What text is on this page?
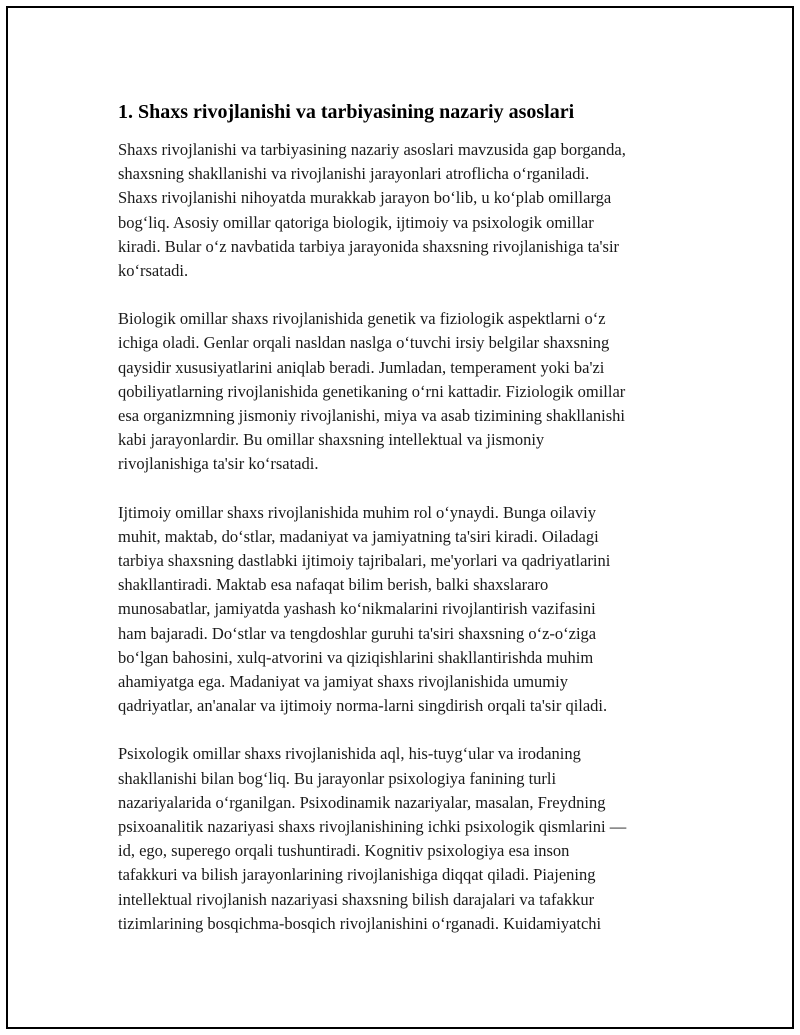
1. Shaxs rivojlanishi va tarbiyasining nazariy asoslari

Shaxs rivojlanishi va tarbiyasining nazariy asoslari mavzusida gap borganda,
shaxsning shakllanishi va rivojlanishi jarayonlari atroflicha oʻrganiladi.
Shaxs rivojlanishi nihoyatda murakkab jarayon boʻlib, u koʻplab omillarga
bogʻliq. Asosiy omillar qatoriga biologik, ijtimoiy va psixologik omillar
kiradi. Bular oʻz navbatida tarbiya jarayonida shaxsning rivojlanishiga ta'sir
koʻrsatadi.

Biologik omillar shaxs rivojlanishida genetik va fiziologik aspektlarni oʻz
ichiga oladi. Genlar orqali nasldan naslga oʻtuvchi irsiy belgilar shaxsning
qaysidir xususiyatlarini aniqlab beradi. Jumladan, temperament yoki ba'zi
qobiliyatlarning rivojlanishida genetikaning oʻrni kattadir. Fiziologik omillar
esa organizmning jismoniy rivojlanishi, miya va asab tizimining shakllanishi
kabi jarayonlardir. Bu omillar shaxsning intellektual va jismoniy
rivojlanishiga ta'sir koʻrsatadi.

Ijtimoiy omillar shaxs rivojlanishida muhim rol oʻynaydi. Bunga oilaviy
muhit, maktab, doʻstlar, madaniyat va jamiyatning ta'siri kiradi. Oiladagi
tarbiya shaxsning dastlabki ijtimoiy tajribalari, me'yorlari va qadriyatlarini
shakllantiradi. Maktab esa nafaqat bilim berish, balki shaxslararo
munosabatlar, jamiyatda yashash koʻnikmalarini rivojlantirish vazifasini
ham bajaradi. Doʻstlar va tengdoshlar guruhi ta'siri shaxsning oʻz-oʻziga
boʻlgan bahosini, xulq-atvorini va qiziqishlarini shakllantirishda muhim
ahamiyatga ega. Madaniyat va jamiyat shaxs rivojlanishida umumiy
qadriyatlar, an'analar va ijtimoiy norma-larni singdirish orqali ta'sir qiladi.

Psixologik omillar shaxs rivojlanishida aql, his-tuygʻular va irodaning
shakllanishi bilan bogʻliq. Bu jarayonlar psixologiya fanining turli
nazariyalarida oʻrganilgan. Psixodinamik nazariyalar, masalan, Freydning
psixoanalitik nazariyasi shaxs rivojlanishining ichki psixologik qismlarini —
id, ego, superego orqali tushuntiradi. Kognitiv psixologiya esa inson
tafakkuri va bilish jarayonlarining rivojlanishiga diqqat qiladi. Piajening
intellektual rivojlanish nazariyasi shaxsning bilish darajalari va tafakkur
tizimlarining bosqichma-bosqich rivojlanishini oʻrganadi. Kuidamiyatchi
